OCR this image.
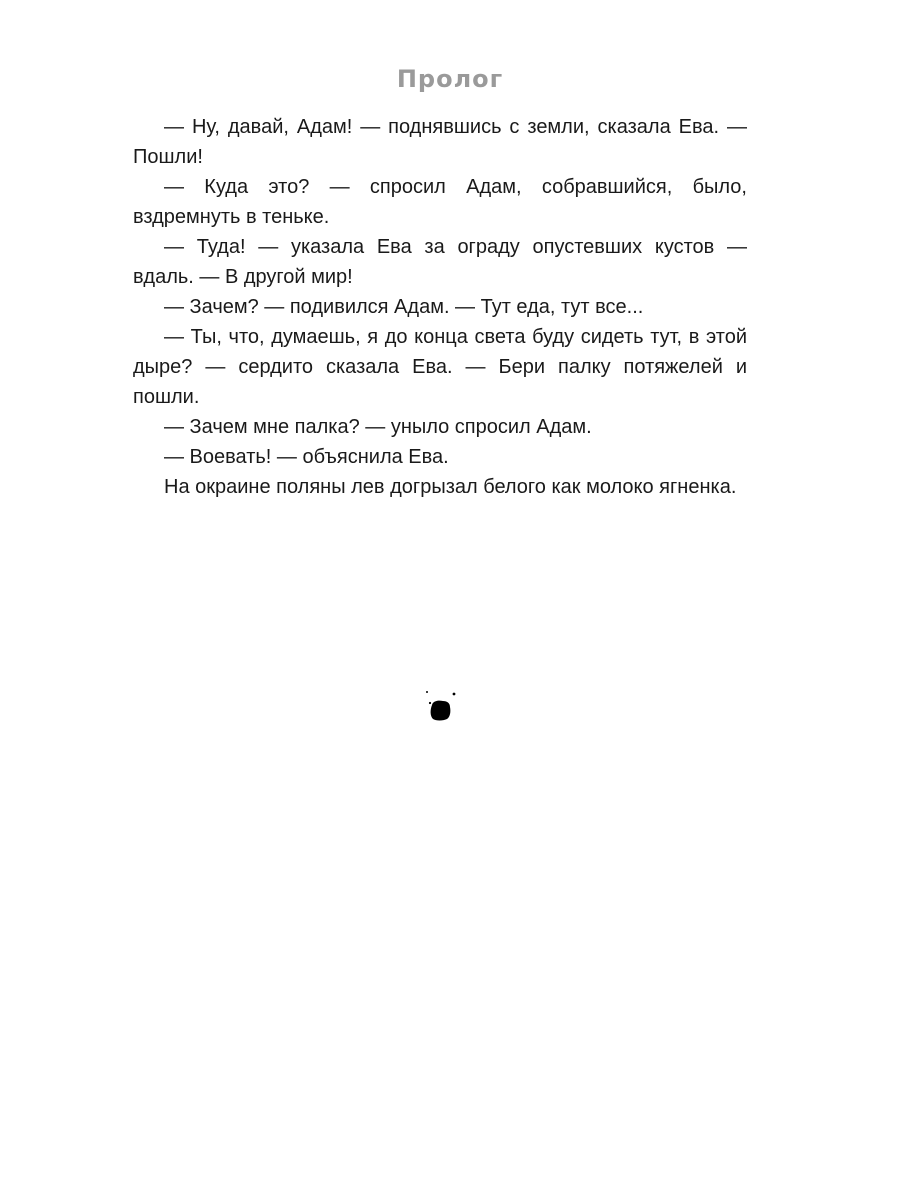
Пролог

— Ну, давай, Адам! — поднявшись с земли, сказала Ева. — Пошли!

— Куда это? — спросил Адам, собравшийся, было, вздремнуть в теньке.

— Туда! — указала Ева за ограду опустевших кустов — вдаль. — В другой мир!

— Зачем? — подивился Адам. — Тут еда, тут все...

— Ты, что, думаешь, я до конца света буду сидеть тут, в этой дыре? — сердито сказала Ева. — Бери палку потяжелей и пошли.

— Зачем мне палка? — уныло спросил Адам.

— Воевать! — объяснила Ева.

На окраине поляны лев догрызал белого как молоко ягненка.
